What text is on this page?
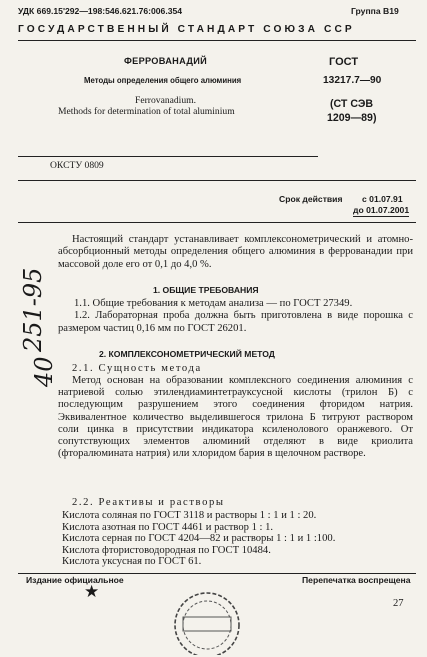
УДК 669.15'292—198:546.621.76:006.354	Группа В19
ГОСУДАРСТВЕННЫЙ СТАНДАРТ СОЮЗА ССР
ФЕРРОВАНАДИЙ
Методы определения общего алюминия
Ferrovanadium.
Methods for determination of total aluminium
ГОСТ
13217.7—90
(СТ СЭВ
1209—89)
ОКСТУ 0809
Срок действия с 01.07.91
до 01.07.2001

Настоящий стандарт устанавливает комплексонометрический и атомно-абсорбционный методы определения общего алюминия в феррованадии при массовой доле его от 0,1 до 4,0 %.

1. ОБЩИЕ ТРЕБОВАНИЯ

1.1. Общие требования к методам анализа — по ГОСТ 27349.

1.2. Лабораторная проба должна быть приготовлена в виде порошка с размером частиц 0,16 мм по ГОСТ 26201.

2. КОМПЛЕКСОНОМЕТРИЧЕСКИЙ МЕТОД

2.1. Сущность метода

Метод основан на образовании комплексного соединения алюминия с натриевой солью этилендиаминтетрауксусной кислоты (трилон Б) с последующим разрушением этого соединения фторидом натрия. Эквивалентное количество выделившегося трилона Б титруют раствором соли цинка в присутствии индикатора ксиленолового оранжевого. От сопутствующих элементов алюминий отделяют в виде криолита (фторалюмината натрия) или хлоридом бария в щелочном растворе.

2.2. Реактивы и растворы

Кислота соляная по ГОСТ 3118 и растворы 1 : 1 и 1 : 20.
Кислота азотная по ГОСТ 4461 и раствор 1 : 1.
Кислота серная по ГОСТ 4204—82 и растворы 1 : 1 и 1 :100.
Кислота фтористоводородная по ГОСТ 10484.
Кислота уксусная по ГОСТ 61.
251-95
40
Издание официальное	Перепечатка воспрещена
★
27
